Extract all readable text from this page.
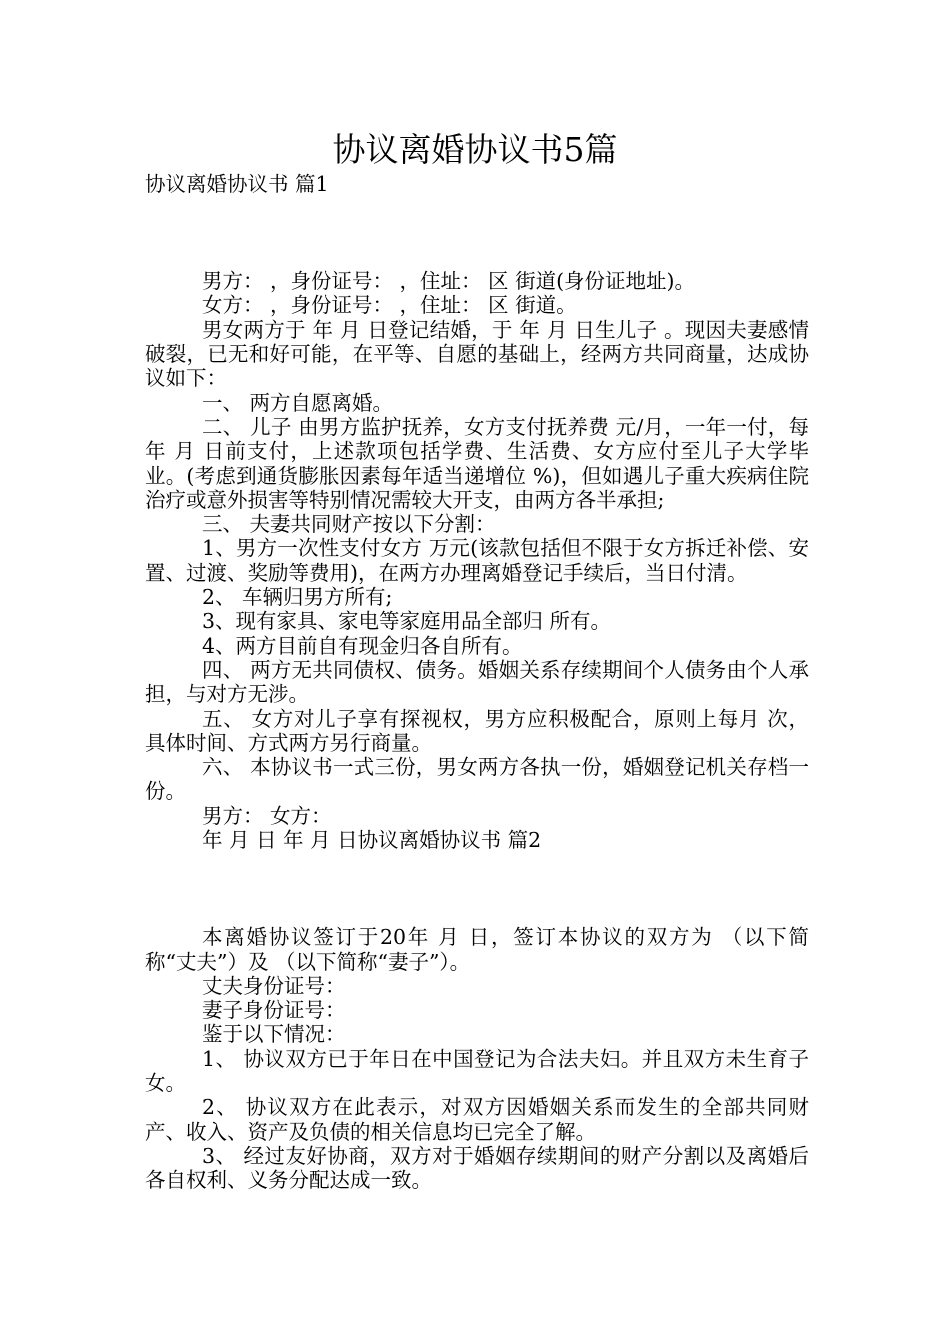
协议离婚协议书5篇

协议离婚协议书 篇1

男方： ，身份证号： ，住址： 区 街道(身份证地址)。

女方： ，身份证号： ，住址： 区 街道。

男女两方于 年 月 日登记结婚，于 年 月 日生儿子 。现因夫妻感情破裂，已无和好可能，在平等、自愿的基础上，经两方共同商量，达成协议如下：

一、 两方自愿离婚。

二、 儿子 由男方监护抚养，女方支付抚养费 元/月，一年一付，每年 月 日前支付，上述款项包括学费、生活费、女方应付至儿子大学毕业。(考虑到通货膨胀因素每年适当递增位 %)，但如遇儿子重大疾病住院治疗或意外损害等特别情况需较大开支，由两方各半承担;

三、 夫妻共同财产按以下分割：

1、男方一次性支付女方 万元(该款包括但不限于女方拆迁补偿、安置、过渡、奖励等费用)，在两方办理离婚登记手续后，当日付清。

2、 车辆归男方所有;

3、现有家具、家电等家庭用品全部归 所有。

4、两方目前自有现金归各自所有。

四、 两方无共同债权、债务。婚姻关系存续期间个人债务由个人承担，与对方无涉。

五、 女方对儿子享有探视权，男方应积极配合，原则上每月 次，具体时间、方式两方另行商量。

六、 本协议书一式三份，男女两方各执一份，婚姻登记机关存档一份。

男方： 女方：

年 月 日 年 月 日协议离婚协议书 篇2

本离婚协议签订于20年 月 日，签订本协议的双方为 （以下简称“丈夫”）及 （以下简称“妻子”）。

丈夫身份证号：

妻子身份证号：

鉴于以下情况：

1、 协议双方已于年日在中国登记为合法夫妇。并且双方未生育子女。

2、 协议双方在此表示，对双方因婚姻关系而发生的全部共同财产、收入、资产及负债的相关信息均已完全了解。

3、 经过友好协商，双方对于婚姻存续期间的财产分割以及离婚后各自权利、义务分配达成一致。
